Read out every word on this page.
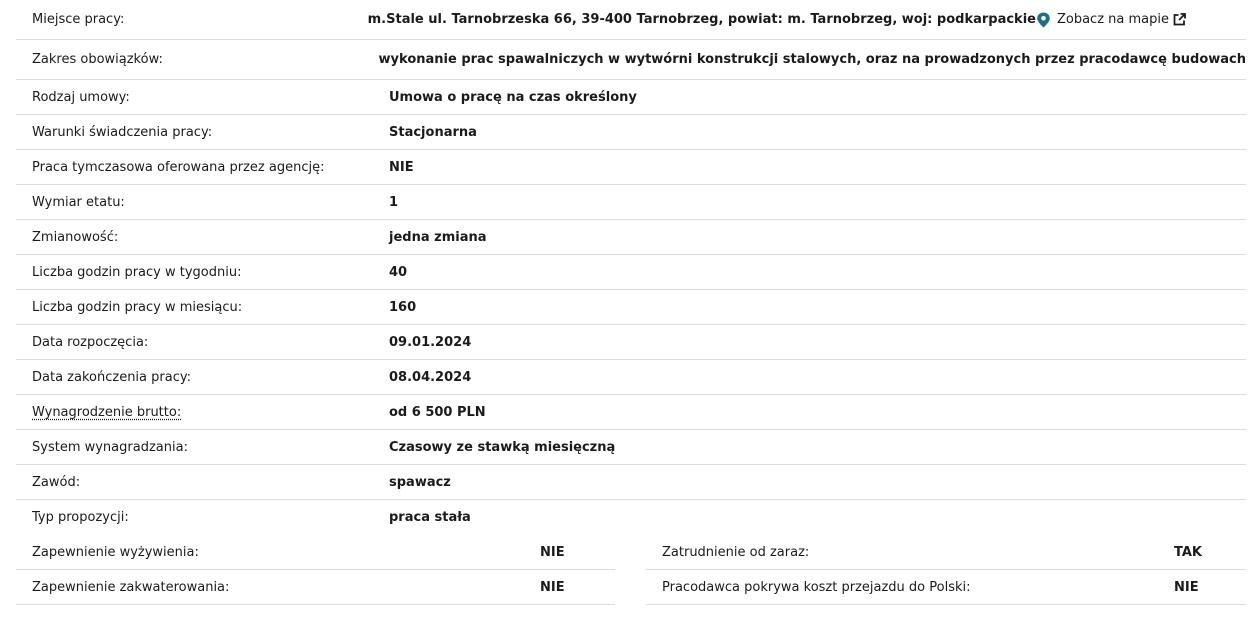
Miejsce pracy:	m.Stale ul. Tarnobrzeska 66, 39-400 Tarnobrzeg, powiat: m. Tarnobrzeg, woj: podkarpackie Zobacz na mapie
Zakres obowiązków:	wykonanie prac spawalniczych w wytwórni konstrukcji stalowych, oraz na prowadzonych przez pracodawcę budowach
Rodzaj umowy:	Umowa o pracę na czas określony
Warunki świadczenia pracy:	Stacjonarna
Praca tymczasowa oferowana przez agencję:	NIE
Wymiar etatu:	1
Zmianowość:	jedna zmiana
Liczba godzin pracy w tygodniu:	40
Liczba godzin pracy w miesiącu:	160
Data rozpoczęcia:	09.01.2024
Data zakończenia pracy:	08.04.2024
Wynagrodzenie brutto:	od 6 500 PLN
System wynagradzania:	Czasowy ze stawką miesięczną
Zawód:	spawacz
Typ propozycji:	praca stała
Zapewnienie wyżywienia:	NIE
Zapewnienie zakwaterowania:	NIE
Zatrudnienie od zaraz:	TAK
Pracodawca pokrywa koszt przejazdu do Polski:	NIE
